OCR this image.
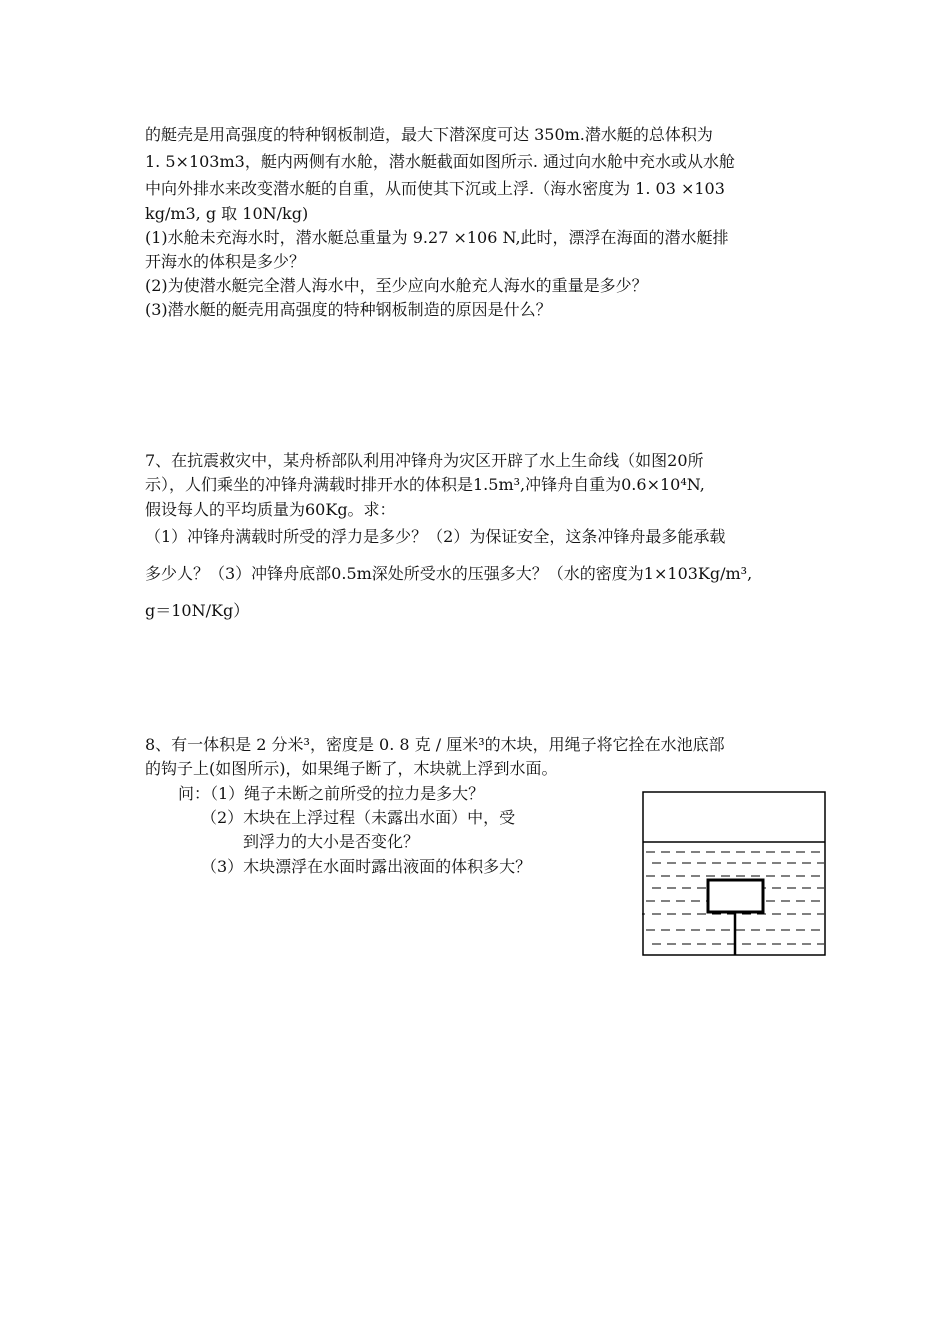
的艇壳是用高强度的特种钢板制造，最大下潜深度可达 350m.潜水艇的总体积为
1. 5×103m3，艇内两侧有水舱，潜水艇截面如图所示. 通过向水舱中充水或从水舱
中向外排水来改变潜水艇的自重，从而使其下沉或上浮.（海水密度为 1. 03 ×103
kg/m3, g 取 10N/kg)
(1)水舱未充海水时，潜水艇总重量为 9.27 ×106 N,此时，漂浮在海面的潜水艇排
开海水的体积是多少？
(2)为使潜水艇完全潜人海水中，至少应向水舱充人海水的重量是多少？
(3)潜水艇的艇壳用高强度的特种钢板制造的原因是什么？
7、在抗震救灾中，某舟桥部队利用冲锋舟为灾区开辟了水上生命线（如图20所
示），人们乘坐的冲锋舟满载时排开水的体积是1.5m³,冲锋舟自重为0.6×10⁴N,
假设每人的平均质量为60Kg。求：
（1）冲锋舟满载时所受的浮力是多少？（2）为保证安全，这条冲锋舟最多能承载
多少人？（3）冲锋舟底部0.5m深处所受水的压强多大？（水的密度为1×103Kg/m³,
g＝10N/Kg）
8、有一体积是 2 分米³，密度是 0. 8 克 / 厘米³的木块，用绳子将它拴在水池底部
的钩子上(如图所示)，如果绳子断了，木块就上浮到水面。
问：（1）绳子未断之前所受的拉力是多大？
（2）木块在上浮过程（未露出水面）中，受
到浮力的大小是否变化？
（3）木块漂浮在水面时露出液面的体积多大？
